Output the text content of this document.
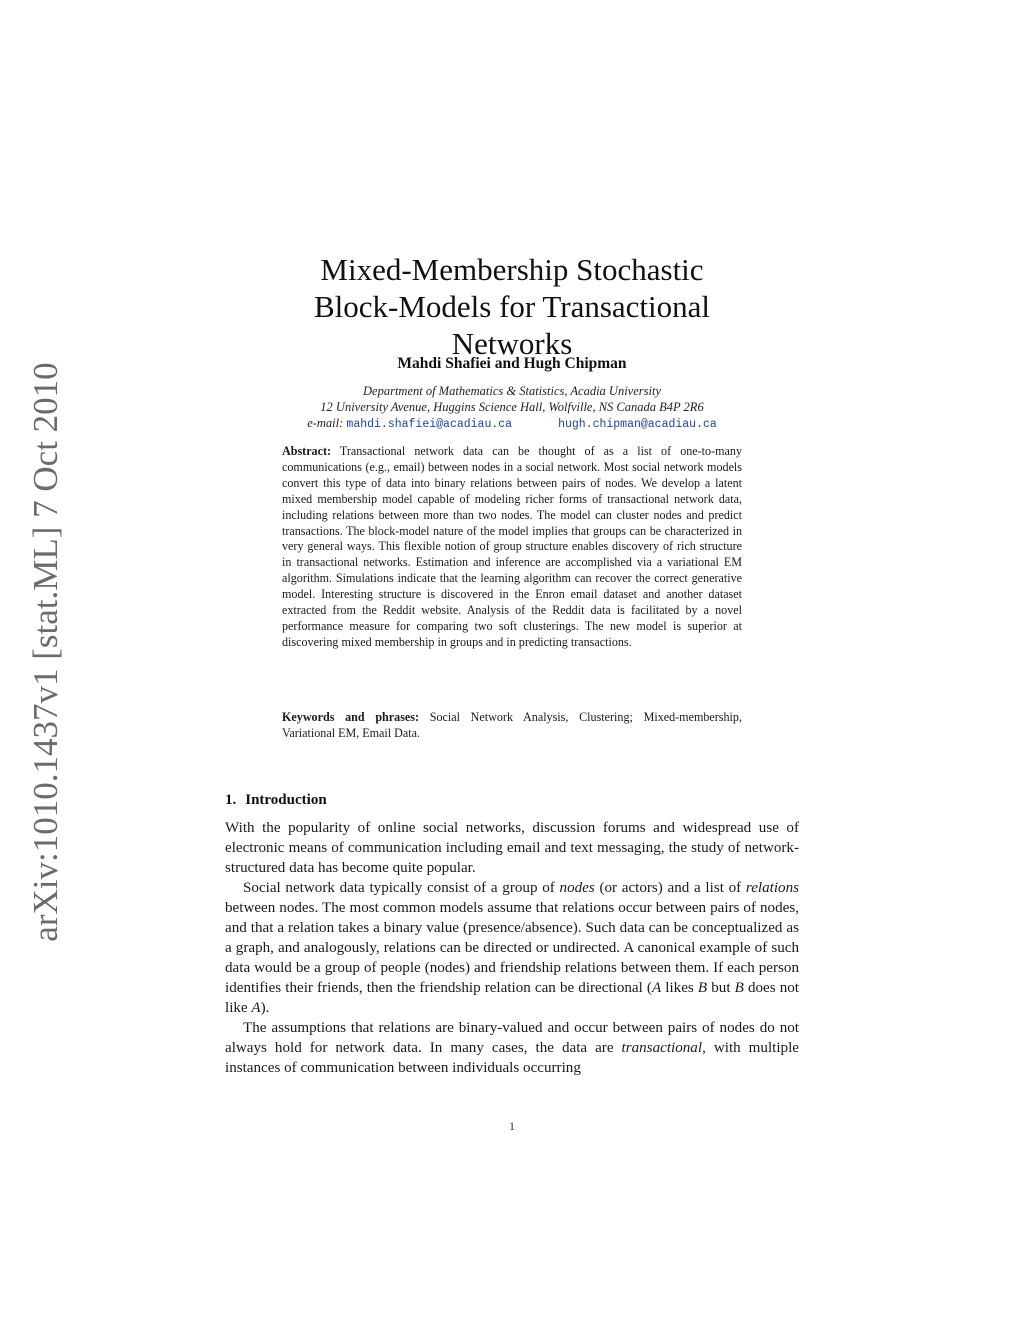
arXiv:1010.1437v1 [stat.ML] 7 Oct 2010
Mixed-Membership Stochastic
Block-Models for Transactional
Networks
Mahdi Shafiei and Hugh Chipman
Department of Mathematics & Statistics, Acadia University
12 University Avenue, Huggins Science Hall, Wolfville, NS Canada B4P 2R6
e-mail: mahdi.shafiei@acadiau.ca	hugh.chipman@acadiau.ca
Abstract: Transactional network data can be thought of as a list of one-to-many communications (e.g., email) between nodes in a social network. Most social network models convert this type of data into binary relations between pairs of nodes. We develop a latent mixed membership model capable of modeling richer forms of transactional network data, including relations between more than two nodes. The model can cluster nodes and predict transactions. The block-model nature of the model implies that groups can be characterized in very general ways. This flexible notion of group structure enables discovery of rich structure in transactional networks. Estimation and inference are accomplished via a variational EM algorithm. Simulations indicate that the learning algorithm can recover the correct generative model. Interesting structure is discovered in the Enron email dataset and another dataset extracted from the Reddit website. Analysis of the Reddit data is facilitated by a novel performance measure for comparing two soft clusterings. The new model is superior at discovering mixed membership in groups and in predicting transactions.
Keywords and phrases: Social Network Analysis, Clustering; Mixed-membership, Variational EM, Email Data.
1. Introduction

With the popularity of online social networks, discussion forums and widespread use of electronic means of communication including email and text messaging, the study of network-structured data has become quite popular.

Social network data typically consist of a group of nodes (or actors) and a list of relations between nodes. The most common models assume that relations occur between pairs of nodes, and that a relation takes a binary value (presence/absence). Such data can be conceptualized as a graph, and analogously, relations can be directed or undirected. A canonical example of such data would be a group of people (nodes) and friendship relations between them. If each person identifies their friends, then the friendship relation can be directional (A likes B but B does not like A).

The assumptions that relations are binary-valued and occur between pairs of nodes do not always hold for network data. In many cases, the data are transactional, with multiple instances of communication between individuals occurring

1
